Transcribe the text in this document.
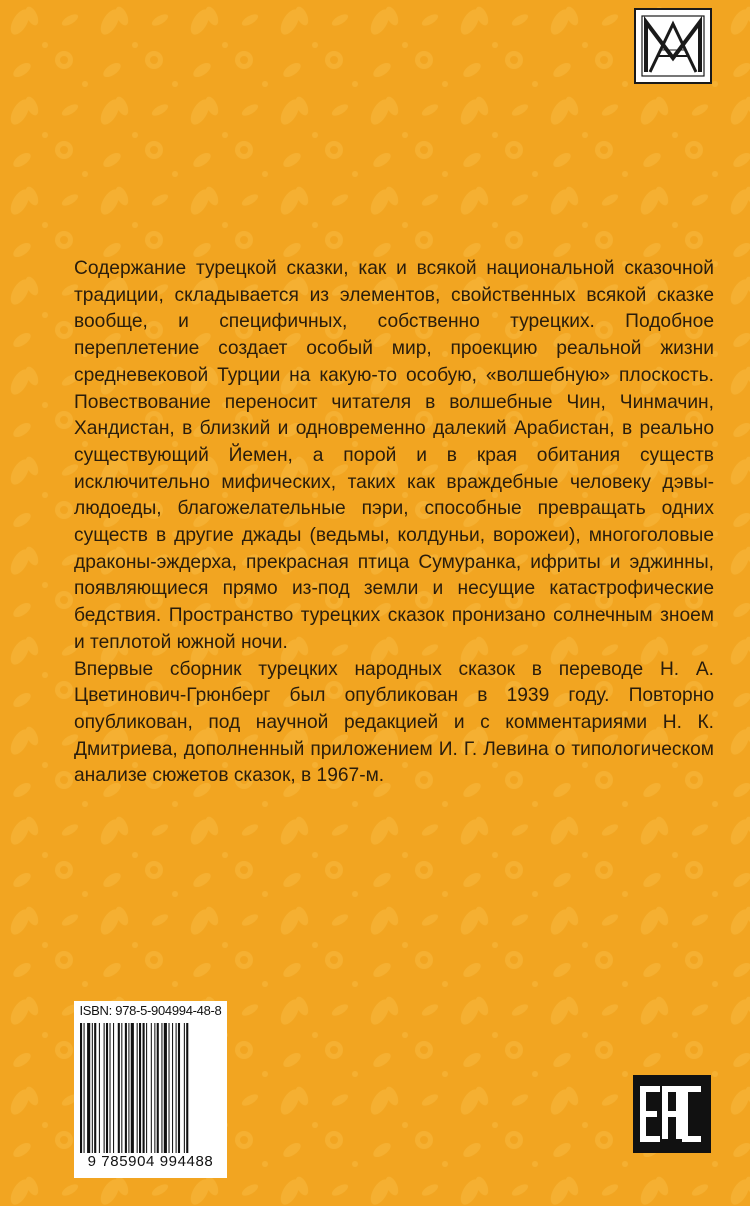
Содержание турецкой сказки, как и всякой национальной сказочной традиции, складывается из элементов, свойственных всякой сказке вообще, и специфичных, собственно турецких. Подобное переплетение создает особый мир, проекцию реальной жизни средневековой Турции на какую-то особую, «волшебную» плоскость. Повествование переносит читателя в волшебные Чин, Чинмачин, Хандистан, в близкий и одновременно далекий Арабистан, в реально существующий Йемен, а порой и в края обитания существ исключительно мифических, таких как враждебные человеку дэвы-людоеды, благожелательные пэри, способные превращать одних существ в другие джады (ведьмы, колдуньи, ворожеи), многоголовые драконы-эждерха, прекрасная птица Сумуранка, ифриты и эджинны, появляющиеся прямо из-под земли и несущие катастрофические бедствия. Пространство турецких сказок пронизано солнечным зноем и теплотой южной ночи.

Впервые сборник турецких народных сказок в переводе Н. А. Цветинович-Грюнберг был опубликован в 1939 году. Повторно опубликован, под научной редакцией и с комментариями Н. К. Дмитриева, дополненный приложением И. Г. Левина о типологическом анализе сюжетов сказок, в 1967-м.

ISBN: 978-5-904994-48-8
9 785904 994488
